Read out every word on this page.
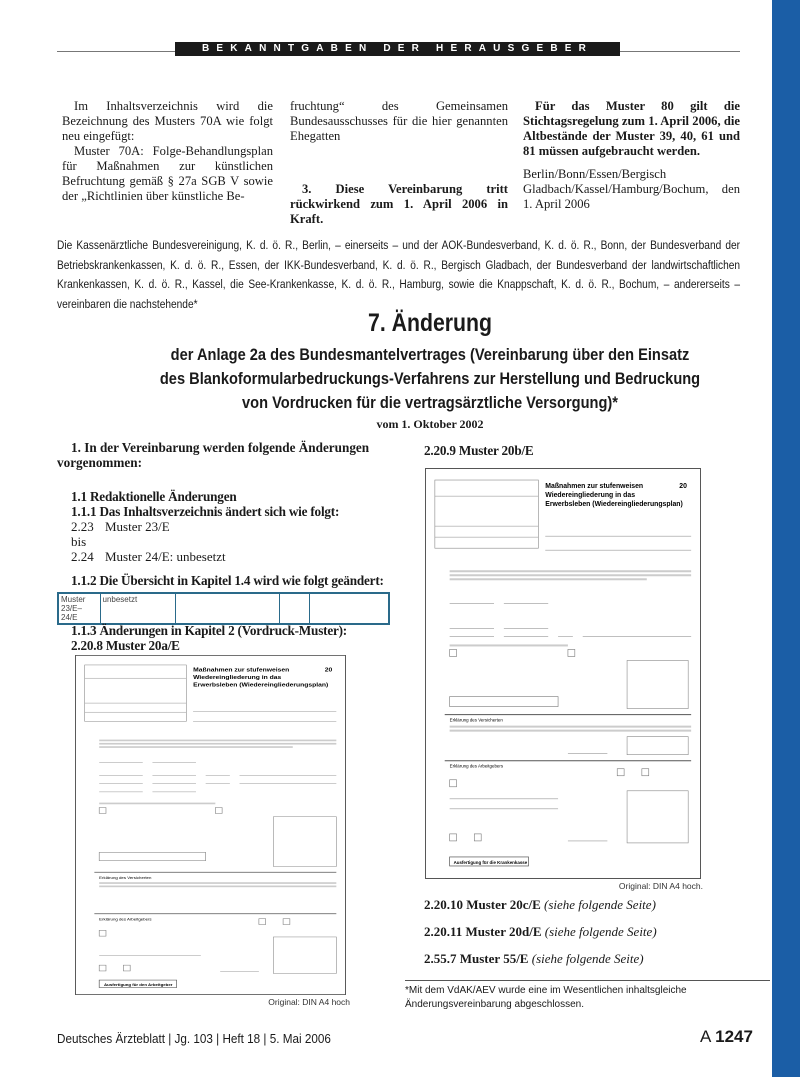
BEKANNTGABEN DER HERAUSGEBER

Im Inhaltsverzeichnis wird die Bezeichnung des Musters 70A wie folgt neu eingefügt:

Muster 70A: Folge-Behandlungsplan für Maßnahmen zur künstlichen Befruchtung gemäß § 27a SGB V sowie der „Richtlinien über künstliche Be-

fruchtung“ des Gemeinsamen Bundesausschusses für die hier genannten Ehegatten

3. Diese Vereinbarung tritt rückwirkend zum 1. April 2006 in Kraft.

Für das Muster 80 gilt die Stichtagsregelung zum 1. April 2006, die Altbestände der Muster 39, 40, 61 und 81 müssen aufgebraucht werden.

Berlin/Bonn/Essen/Bergisch Gladbach/Kassel/Hamburg/Bochum, den 1. April 2006

Die Kassenärztliche Bundesvereinigung, K. d. ö. R., Berlin, – einerseits – und der AOK-Bundesverband, K. d. ö. R., Bonn, der Bundesverband der Betriebskrankenkassen, K. d. ö. R., Essen, der IKK-Bundesverband, K. d. ö. R., Bergisch Gladbach, der Bundesverband der landwirtschaftlichen Krankenkassen, K. d. ö. R., Kassel, die See-Krankenkasse, K. d. ö. R., Hamburg, sowie die Knappschaft, K. d. ö. R., Bochum, – andererseits – vereinbaren die nachstehende*
7. Änderung
der Anlage 2a des Bundesmantelvertrages (Vereinbarung über den Einsatz
des Blankoformularbedruckungs-Verfahrens zur Herstellung und Bedruckung
von Vordrucken für die vertragsärztliche Versorgung)*
vom 1. Oktober 2002
1. In der Vereinbarung werden folgende Änderungen vorgenommen:
1.1 Redaktionelle Änderungen
1.1.1 Das Inhaltsverzeichnis ändert sich wie folgt:
2.23 Muster 23/E
bis
2.24 Muster 24/E: unbesetzt
1.1.2 Die Übersicht in Kapitel 1.4 wird wie folgt geändert:
Muster 23/E–24/E	unbesetzt			
1.1.3 Änderungen in Kapitel 2 (Vordruck-Muster):
2.20.8 Muster 20a/E
Maßnahmen zur stufenweisen
Wiedereingliederung in das
Erwerbsleben (Wiedereingliederungsplan)
20
Erklärung des Versicherten
Erklärung des Arbeitgebers
Ausfertigung für den Arbeitgeber
Original: DIN A4 hoch
2.20.9 Muster 20b/E
Maßnahmen zur stufenweisen
Wiedereingliederung in das
Erwerbsleben (Wiedereingliederungsplan)
20
Erklärung des Versicherten
Erklärung des Arbeitgebers
Ausfertigung für die Krankenkasse
Original: DIN A4 hoch.
2.20.10 Muster 20c/E (siehe folgende Seite)
2.20.11 Muster 20d/E (siehe folgende Seite)
2.55.7 Muster 55/E (siehe folgende Seite)
*Mit dem VdAK/AEV wurde eine im Wesentlichen inhaltsgleiche Änderungsvereinbarung abgeschlossen.
Deutsches Ärzteblatt | Jg. 103 | Heft 18 | 5. Mai 2006	A 1247
